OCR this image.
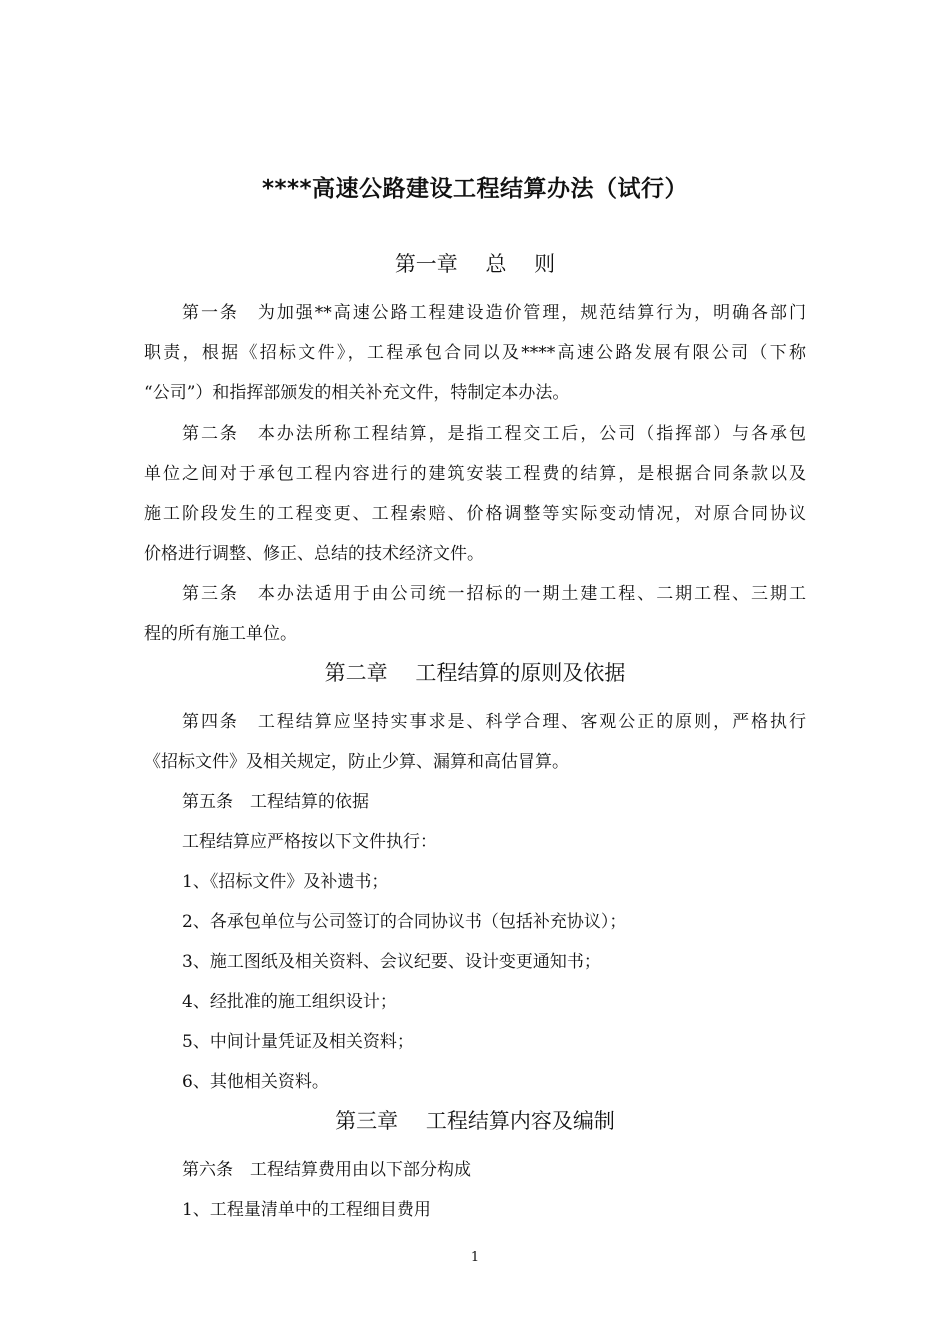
****高速公路建设工程结算办法（试行）
第一章　 总　 则
第一条　为加强**高速公路工程建设造价管理，规范结算行为，明确各部门
职责，根据《招标文件》，工程承包合同以及****高速公路发展有限公司（下称
“公司”）和指挥部颁发的相关补充文件，特制定本办法。
第二条　本办法所称工程结算，是指工程交工后，公司（指挥部）与各承包
单位之间对于承包工程内容进行的建筑安装工程费的结算，是根据合同条款以及
施工阶段发生的工程变更、工程索赔、价格调整等实际变动情况，对原合同协议
价格进行调整、修正、总结的技术经济文件。
第三条　本办法适用于由公司统一招标的一期土建工程、二期工程、三期工
程的所有施工单位。
第二章　 工程结算的原则及依据
第四条　工程结算应坚持实事求是、科学合理、客观公正的原则，严格执行
《招标文件》及相关规定，防止少算、漏算和高估冒算。
第五条　工程结算的依据
工程结算应严格按以下文件执行：
1、《招标文件》及补遗书；
2、各承包单位与公司签订的合同协议书（包括补充协议）；
3、施工图纸及相关资料、会议纪要、设计变更通知书；
4、经批准的施工组织设计；
5、中间计量凭证及相关资料；
6、其他相关资料。
第三章　 工程结算内容及编制
第六条　工程结算费用由以下部分构成
1、工程量清单中的工程细目费用
1
